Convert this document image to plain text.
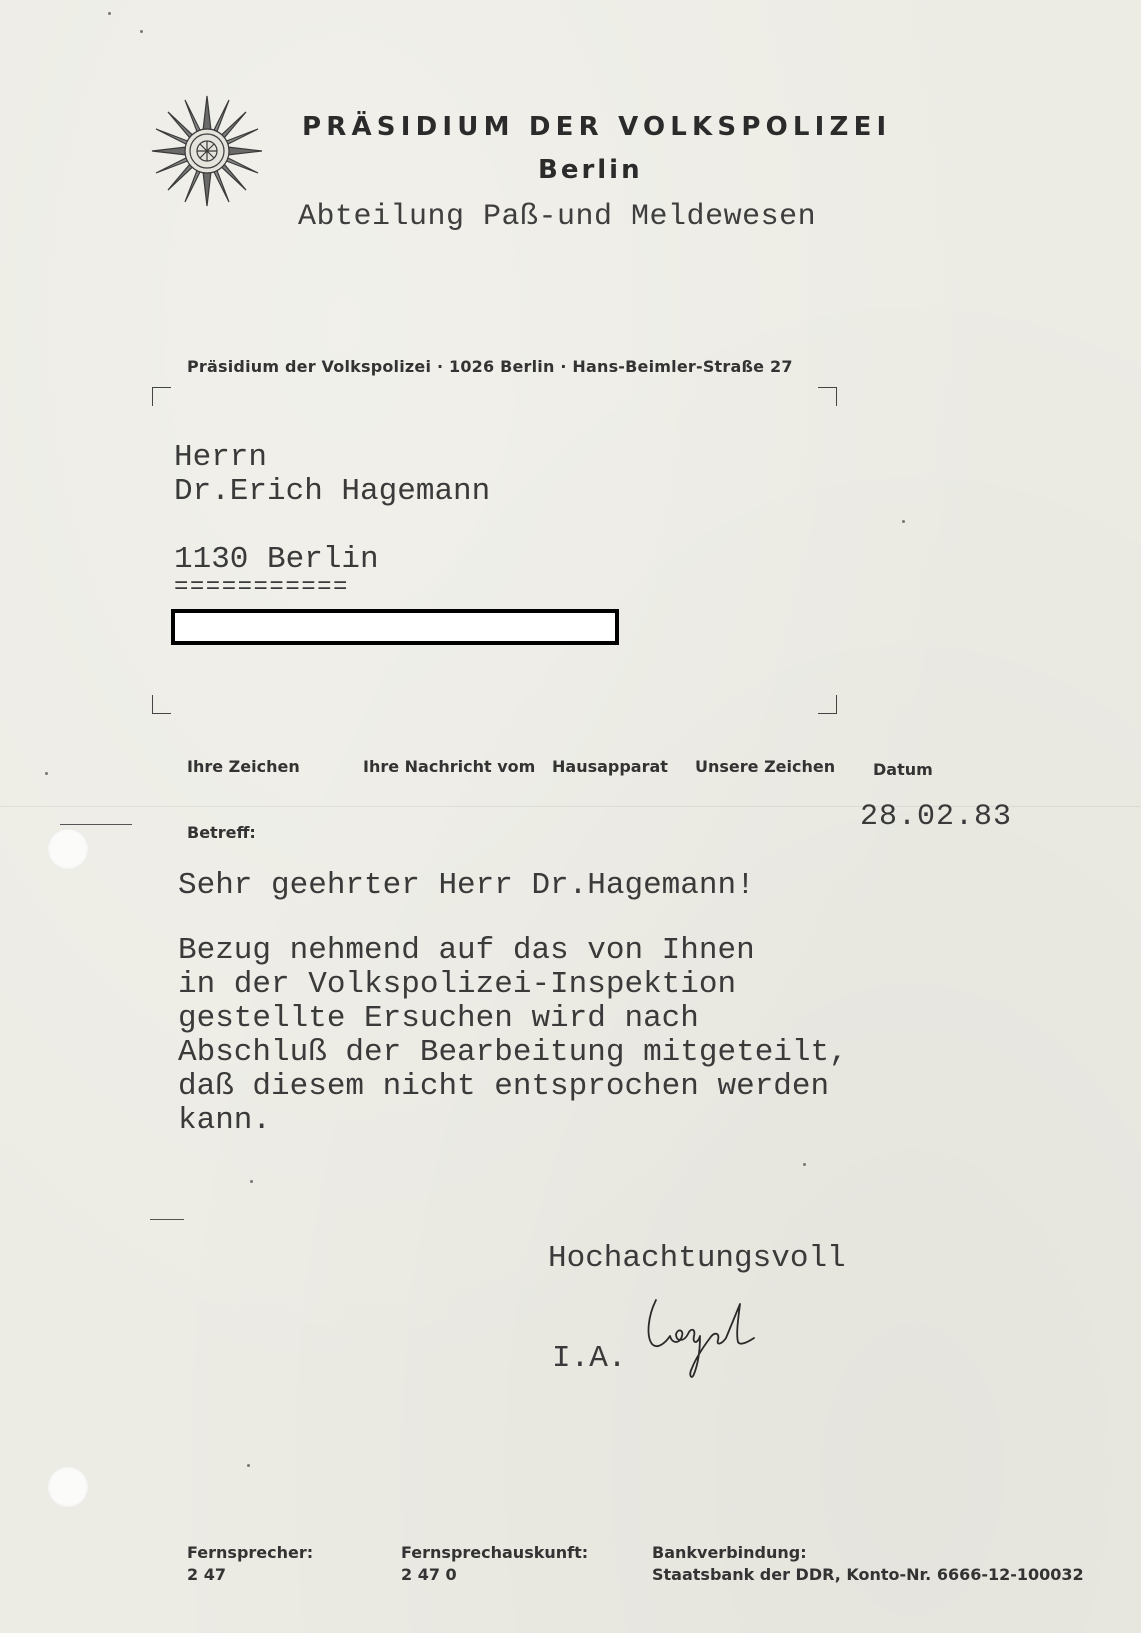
PRÄSIDIUM DER VOLKSPOLIZEI
Berlin
Abteilung Paß-und Meldewesen
Präsidium der Volkspolizei · 1026 Berlin · Hans-Beimler-Straße 27
Herrn
Dr.Erich Hagemann
1130 Berlin
===========
Ihre Zeichen	Ihre Nachricht vom Hausapparat Unsere Zeichen Datum
28.02.83
Betreff:
Sehr geehrter Herr Dr.Hagemann!
Bezug nehmend auf das von Ihnen
in der Volkspolizei-Inspektion
gestellte Ersuchen wird nach
Abschluß der Bearbeitung mitgeteilt,
daß diesem nicht entsprochen werden
kann.
Hochachtungsvoll
I.A.
Fernsprecher:
2 47
Fernsprechauskunft:
2 47 0
Bankverbindung:
Staatsbank der DDR, Konto-Nr. 6666-12-100032
